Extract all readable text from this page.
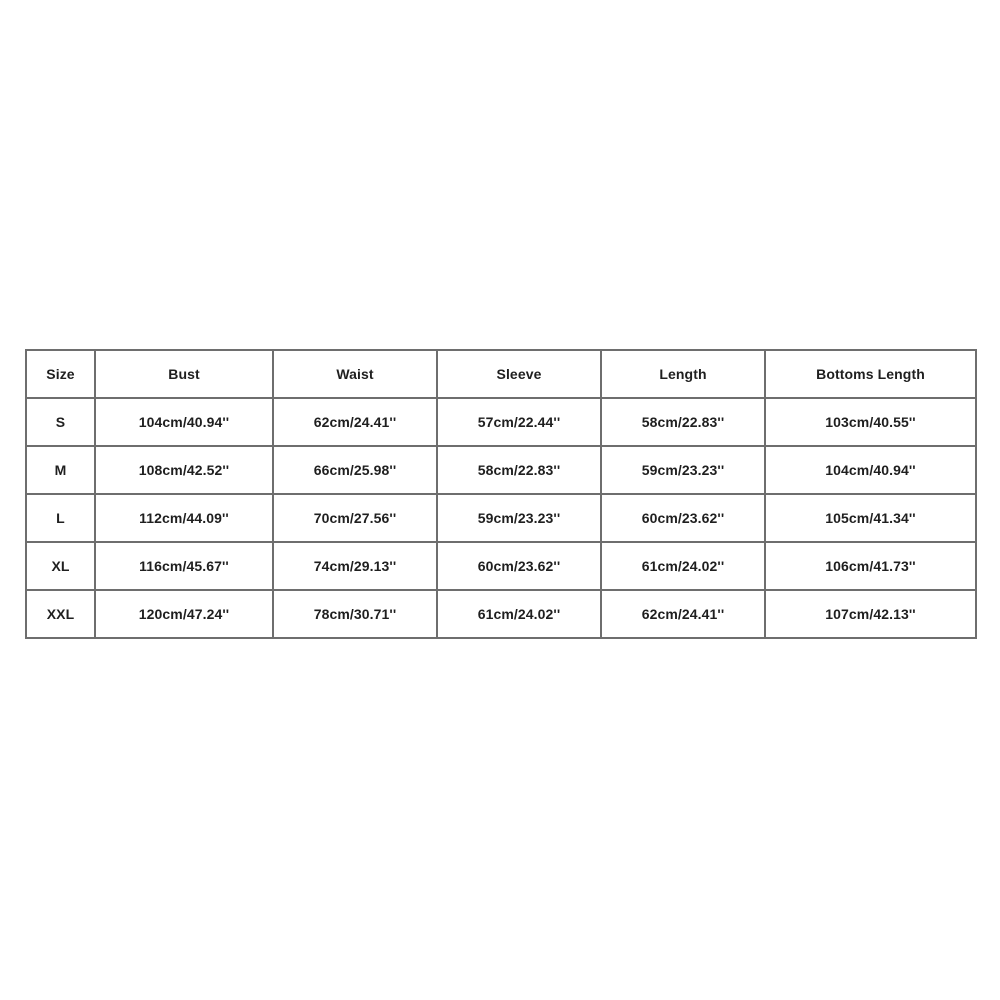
Size	Bust	Waist	Sleeve	Length	Bottoms Length
S	104cm/40.94''	62cm/24.41''	57cm/22.44''	58cm/22.83''	103cm/40.55''
M	108cm/42.52''	66cm/25.98''	58cm/22.83''	59cm/23.23''	104cm/40.94''
L	112cm/44.09''	70cm/27.56''	59cm/23.23''	60cm/23.62''	105cm/41.34''
XL	116cm/45.67''	74cm/29.13''	60cm/23.62''	61cm/24.02''	106cm/41.73''
XXL	120cm/47.24''	78cm/30.71''	61cm/24.02''	62cm/24.41''	107cm/42.13''
